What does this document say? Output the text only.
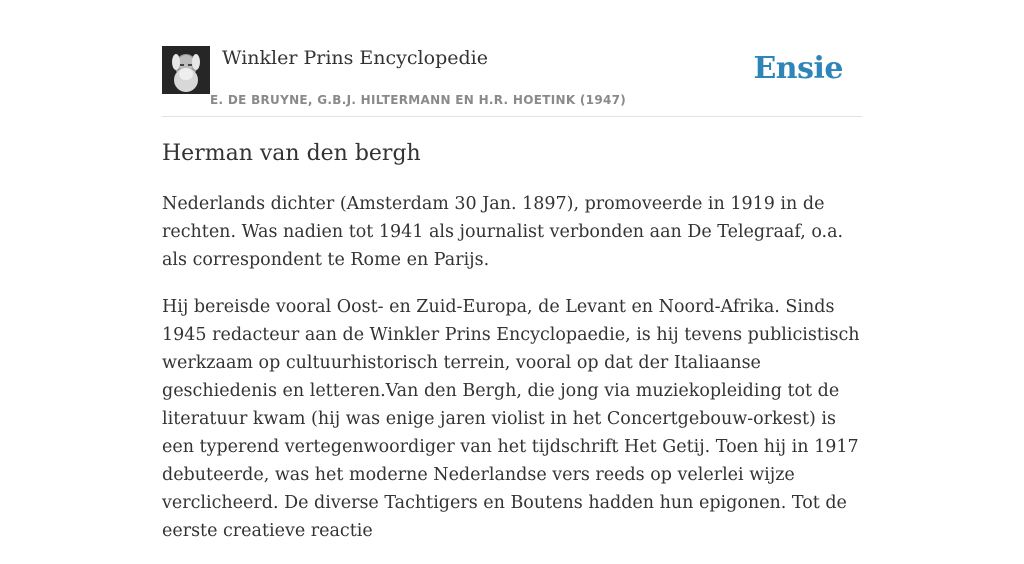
Winkler Prins Encyclopedie
E. DE BRUYNE, G.B.J. HILTERMANN EN H.R. HOETINK (1947)
Ensie
Herman van den bergh

Nederlands dichter (Amsterdam 30 Jan. 1897), promoveerde in 1919 in de rechten. Was nadien tot 1941 als journalist verbonden aan De Telegraaf, o.a. als correspondent te Rome en Parijs.

Hij bereisde vooral Oost- en Zuid-Europa, de Levant en Noord-Afrika. Sinds 1945 redacteur aan de Winkler Prins Encyclopaedie, is hij tevens publicistisch werkzaam op cultuurhistorisch terrein, vooral op dat der Italiaanse geschiedenis en letteren.Van den Bergh, die jong via muziekopleiding tot de literatuur kwam (hij was enige jaren violist in het Concertgebouw-orkest) is een typerend vertegenwoordiger van het tijdschrift Het Getij. Toen hij in 1917 debuteerde, was het moderne Nederlandse vers reeds op velerlei wijze verclicheerd. De diverse Tachtigers en Boutens hadden hun epigonen. Tot de eerste creatieve reactie
